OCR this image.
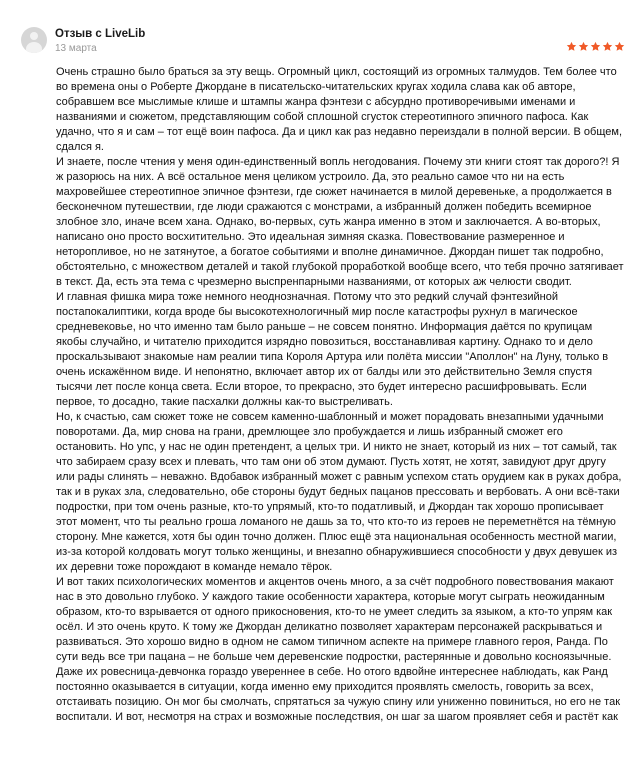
Отзыв с LiveLib
13 марта

Очень страшно было браться за эту вещь. Огромный цикл, состоящий из огромных талмудов. Тем более что во времена оны о Роберте Джордане в писательско-читательских кругах ходила слава как об авторе, собравшем все мыслимые клише и штампы жанра фэнтези с абсурдно противоречивыми именами и названиями и сюжетом, представляющим собой сплошной сгусток стереотипного эпичного пафоса. Как удачно, что я и сам – тот ещё воин пафоса. Да и цикл как раз недавно переиздали в полной версии. В общем, сдался я.

И знаете, после чтения у меня один-единственный вопль негодования. Почему эти книги стоят так дорого?! Я ж разорюсь на них. А всё остальное меня целиком устроило. Да, это реально самое что ни на есть махровейшее стереотипное эпичное фэнтези, где сюжет начинается в милой деревеньке, а продолжается в бесконечном путешествии, где люди сражаются с монстрами, а избранный должен победить всемирное злобное зло, иначе всем хана. Однако, во-первых, суть жанра именно в этом и заключается. А во-вторых, написано оно просто восхитительно. Это идеальная зимняя сказка. Повествование размеренное и неторопливое, но не затянутое, а богатое событиями и вполне динамичное. Джордан пишет так подробно, обстоятельно, с множеством деталей и такой глубокой проработкой вообще всего, что тебя прочно затягивает в текст. Да, есть эта тема с чрезмерно выспренпарными названиями, от которых аж челюсти сводит.

И главная фишка мира тоже немного неоднозначная. Потому что это редкий случай фэнтезийной постапокалиптики, когда вроде бы высокотехнологичный мир после катастрофы рухнул в магическое средневековье, но что именно там было раньше – не совсем понятно. Информация даётся по крупицам якобы случайно, и читателю приходится изрядно повозиться, восстанавливая картину. Однако то и дело проскальзывают знакомые нам реалии типа Короля Артура или полёта миссии "Аполлон" на Луну, только в очень искажённом виде. И непонятно, включает автор их от балды или это действительно Земля спустя тысячи лет после конца света. Если второе, то прекрасно, это будет интересно расшифровывать. Если первое, то досадно, такие пасхалки должны как-то выстреливать.

Но, к счастью, сам сюжет тоже не совсем каменно-шаблонный и может порадовать внезапными удачными поворотами. Да, мир снова на грани, дремлющее зло пробуждается и лишь избранный сможет его остановить. Но упс, у нас не один претендент, а целых три. И никто не знает, который из них – тот самый, так что забираем сразу всех и плевать, что там они об этом думают. Пусть хотят, не хотят, завидуют друг другу или рады слинять – неважно. Вдобавок избранный может с равным успехом стать орудием как в руках добра, так и в руках зла, следовательно, обе стороны будут бедных пацанов прессовать и вербовать. А они всё-таки подростки, при том очень разные, кто-то упрямый, кто-то податливый, и Джордан так хорошо прописывает этот момент, что ты реально гроша ломаного не дашь за то, что кто-то из героев не переметнётся на тёмную сторону. Мне кажется, хотя бы один точно должен. Плюс ещё эта национальная особенность местной магии, из-за которой колдовать могут только женщины, и внезапно обнаружившиеся способности у двух девушек из их деревни тоже порождают в команде немало тёрок.

И вот таких психологических моментов и акцентов очень много, а за счёт подробного повествования макают нас в это довольно глубоко. У каждого такие особенности характера, которые могут сыграть неожиданным образом, кто-то взрывается от одного прикосновения, кто-то не умеет следить за языком, а кто-то упрям как осёл. И это очень круто. К тому же Джордан деликатно позволяет характерам персонажей раскрываться и развиваться. Это хорошо видно в одном не самом типичном аспекте на примере главного героя, Ранда. По сути ведь все три пацана – не больше чем деревенские подростки, растерянные и довольно косноязычные. Даже их ровесница-девчонка гораздо увереннее в себе. Но отого вдвойне интереснее наблюдать, как Ранд постоянно оказывается в ситуации, когда именно ему приходится проявлять смелость, говорить за всех, отстаивать позицию. Он мог бы смолчать, спрятаться за чужую спину или униженно повиниться, но его не так воспитали. И вот, несмотря на страх и возможные последствия, он шаг за шагом проявляет себя и растёт как
